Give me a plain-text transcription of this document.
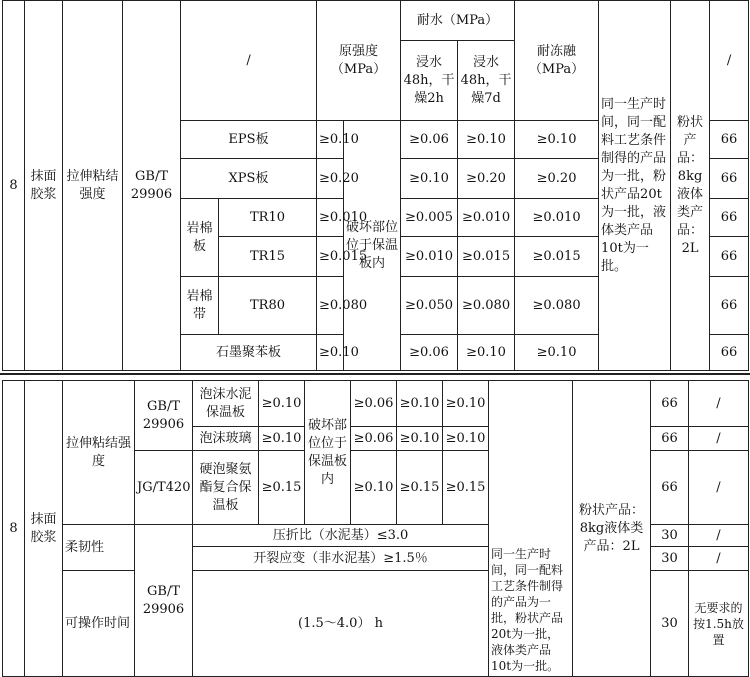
8	抹面胶浆	拉伸粘结强度	GB/T 29906	/		原强度（MPa）		耐水（MPa）		耐冻融（MPa）	同一生产时间，同一配料工艺条件制得的产品为一批，粉状产品20t为一批，液体类产品10t为一批。	粉状产品：8kg液体类产品：2L	/	
								浸水48h，干燥2h	浸水48h，干燥7d					
				EPS板		≥0.10	破坏部位位于保温板内	≥0.06	≥0.10	≥0.10			66	
				XPS板		≥0.20		≥0.10	≥0.20	≥0.20			66	
				岩棉板	TR10	≥0.010		≥0.005	≥0.010	≥0.010			66	
					TR15	≥0.015		≥0.010	≥0.015	≥0.015			66	
				岩棉带	TR80	≥0.080		≥0.050	≥0.080	≥0.080			66	
				石墨聚苯板		≥0.10		≥0.06	≥0.10	≥0.10			66	
8	抹面胶浆	拉伸粘结强度	GB/T 29906	泡沫水泥保温板	≥0.10	破坏部位位于保温板内	≥0.06	≥0.10	≥0.10	同一生产时间，同一配料工艺条件制得的产品为一批，粉状产品20t为一批，液体类产品10t为一批。	粉状产品：8kg液体类产品：2L	66	/
				泡沫玻璃	≥0.10		≥0.06	≥0.10	≥0.10			66	/
			JG/T420	硬泡聚氨酯复合保温板	≥0.15		≥0.10	≥0.15	≥0.15			66	/
		柔韧性	GB/T 29906	压折比（水泥基）≤3.0								30	/
				开裂应变（非水泥基）≥1.5％								30	/
		可操作时间		(1.5～4.0） h								30	无要求的按1.5h放置
